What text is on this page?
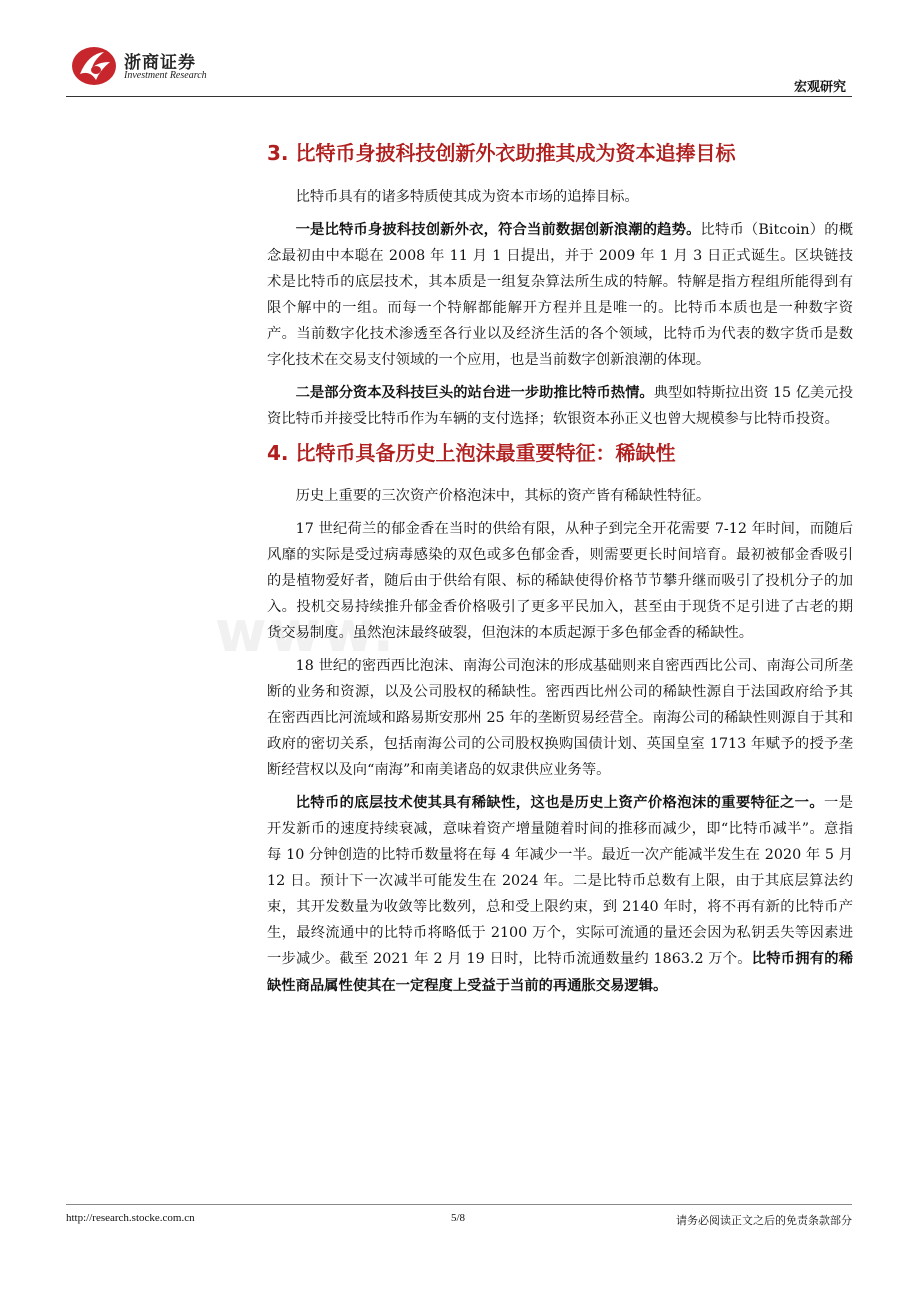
www.
浙商证券
Investment Research
宏观研究
3. 比特币身披科技创新外衣助推其成为资本追捧目标

比特币具有的诸多特质使其成为资本市场的追捧目标。

一是比特币身披科技创新外衣，符合当前数据创新浪潮的趋势。比特币（Bitcoin）的概念最初由中本聪在 2008 年 11 月 1 日提出，并于 2009 年 1 月 3 日正式诞生。区块链技术是比特币的底层技术，其本质是一组复杂算法所生成的特解。特解是指方程组所能得到有限个解中的一组。而每一个特解都能解开方程并且是唯一的。比特币本质也是一种数字资产。当前数字化技术渗透至各行业以及经济生活的各个领域，比特币为代表的数字货币是数字化技术在交易支付领域的一个应用，也是当前数字创新浪潮的体现。

二是部分资本及科技巨头的站台进一步助推比特币热情。典型如特斯拉出资 15 亿美元投资比特币并接受比特币作为车辆的支付选择；软银资本孙正义也曾大规模参与比特币投资。

4. 比特币具备历史上泡沫最重要特征：稀缺性

历史上重要的三次资产价格泡沫中，其标的资产皆有稀缺性特征。

17 世纪荷兰的郁金香在当时的供给有限，从种子到完全开花需要 7-12 年时间，而随后风靡的实际是受过病毒感染的双色或多色郁金香，则需要更长时间培育。最初被郁金香吸引的是植物爱好者，随后由于供给有限、标的稀缺使得价格节节攀升继而吸引了投机分子的加入。投机交易持续推升郁金香价格吸引了更多平民加入，甚至由于现货不足引进了古老的期货交易制度。虽然泡沫最终破裂，但泡沫的本质起源于多色郁金香的稀缺性。

18 世纪的密西西比泡沫、南海公司泡沫的形成基础则来自密西西比公司、南海公司所垄断的业务和资源，以及公司股权的稀缺性。密西西比州公司的稀缺性源自于法国政府给予其在密西西比河流域和路易斯安那州 25 年的垄断贸易经营全。南海公司的稀缺性则源自于其和政府的密切关系，包括南海公司的公司股权换购国债计划、英国皇室 1713 年赋予的授予垄断经营权以及向“南海”和南美诸岛的奴隶供应业务等。

比特币的底层技术使其具有稀缺性，这也是历史上资产价格泡沫的重要特征之一。一是开发新币的速度持续衰减，意味着资产增量随着时间的推移而减少，即“比特币减半”。意指每 10 分钟创造的比特币数量将在每 4 年减少一半。最近一次产能减半发生在 2020 年 5 月 12 日。预计下一次减半可能发生在 2024 年。二是比特币总数有上限，由于其底层算法约束，其开发数量为收敛等比数列，总和受上限约束，到 2140 年时，将不再有新的比特币产生，最终流通中的比特币将略低于 2100 万个，实际可流通的量还会因为私钥丢失等因素进一步减少。截至 2021 年 2 月 19 日时，比特币流通数量约 1863.2 万个。比特币拥有的稀缺性商品属性使其在一定程度上受益于当前的再通胀交易逻辑。

http://research.stocke.com.cn	5/8	请务必阅读正文之后的免责条款部分
